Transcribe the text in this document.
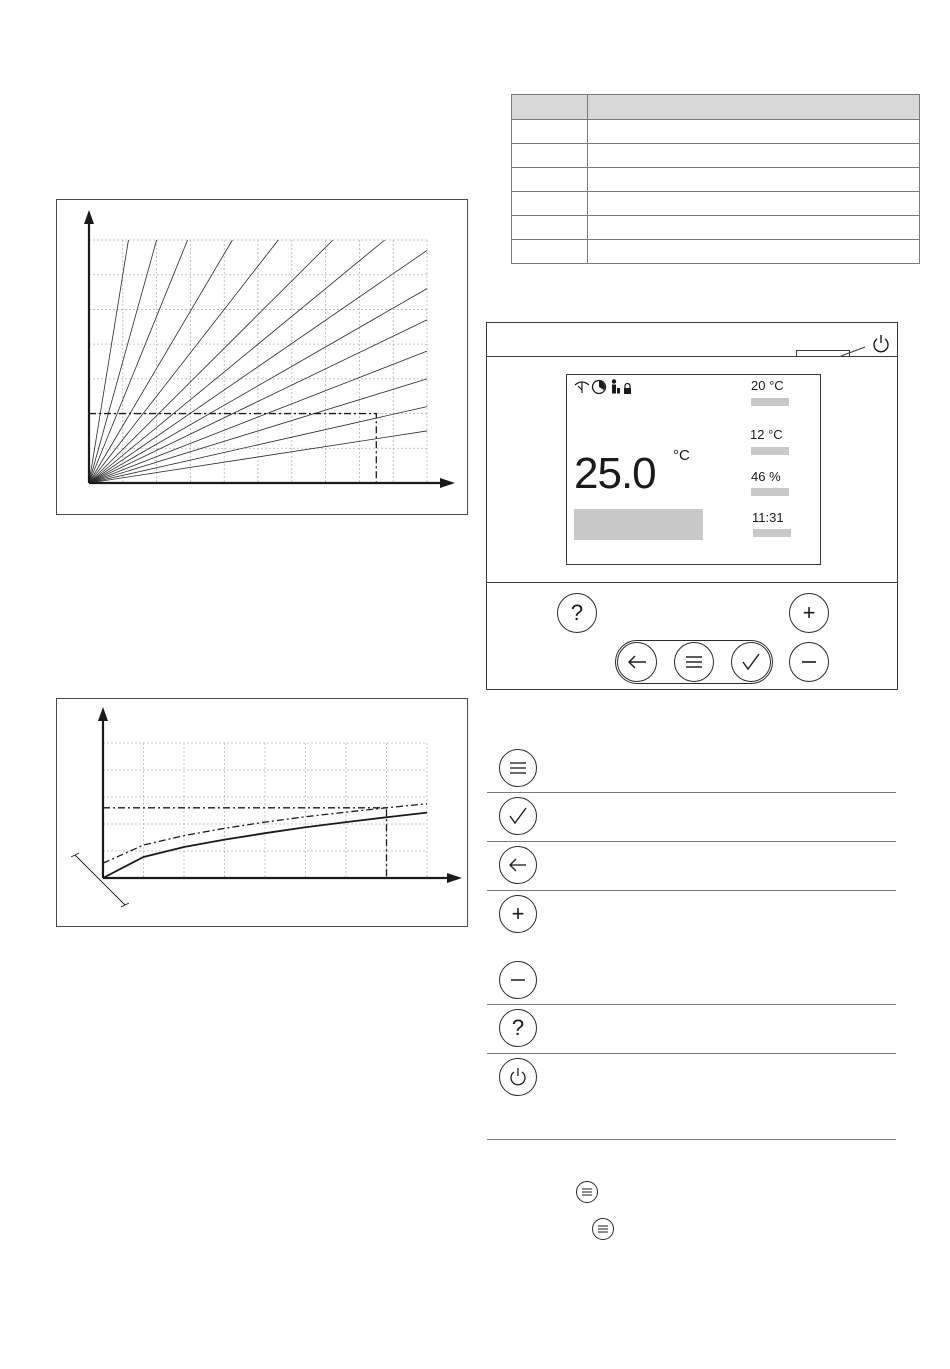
20 °C
12 °C
46 %
11:31
25.0 °C
?	+
+
?
